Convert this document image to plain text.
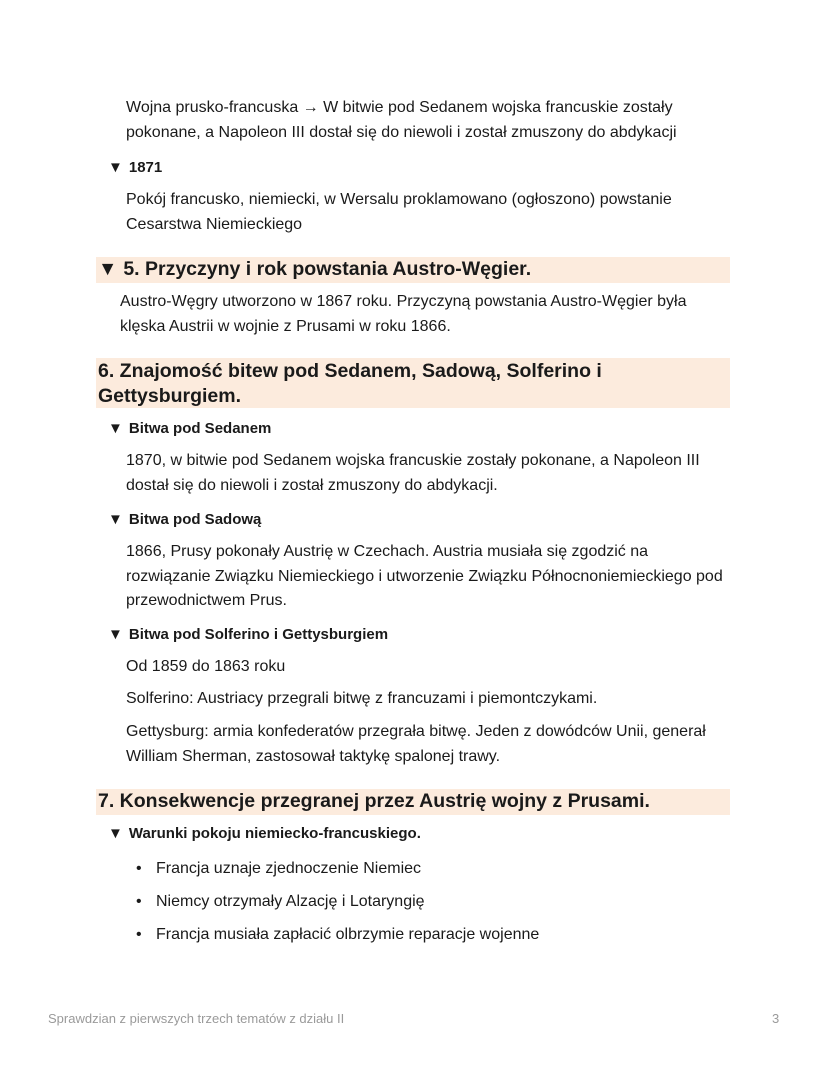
Wojna prusko-francuska → W bitwie pod Sedanem wojska francuskie zostały pokonane, a Napoleon III dostał się do niewoli i został zmuszony do abdykacji
▼ 1871
Pokój francusko, niemiecki, w Wersalu proklamowano (ogłoszono) powstanie Cesarstwa Niemieckiego
▼ 5. Przyczyny i rok powstania Austro-Węgier.
Austro-Węgry utworzono w 1867 roku. Przyczyną powstania Austro-Węgier była klęska Austrii w wojnie z Prusami w roku 1866.
6. Znajomość bitew pod Sedanem, Sadową, Solferino i Gettysburgiem.
▼ Bitwa pod Sedanem
1870, w bitwie pod Sedanem wojska francuskie zostały pokonane, a Napoleon III dostał się do niewoli i został zmuszony do abdykacji.
▼ Bitwa pod Sadową
1866, Prusy pokonały Austrię w Czechach. Austria musiała się zgodzić na rozwiązanie Związku Niemieckiego i utworzenie Związku Północnoniemieckiego pod przewodnictwem Prus.
▼ Bitwa pod Solferino i Gettysburgiem
Od 1859 do 1863 roku
Solferino: Austriacy przegrali bitwę z francuzami i piemontczykami.
Gettysburg: armia konfederatów przegrała bitwę. Jeden z dowódców Unii, generał William Sherman, zastosował taktykę spalonej trawy.
7. Konsekwencje przegranej przez Austrię wojny z Prusami.
▼ Warunki pokoju niemiecko-francuskiego.
• Francja uznaje zjednoczenie Niemiec
• Niemcy otrzymały Alzację i Lotaryngię
• Francja musiała zapłacić olbrzymie reparacje wojenne
Sprawdzian z pierwszych trzech tematów z działu II	3
